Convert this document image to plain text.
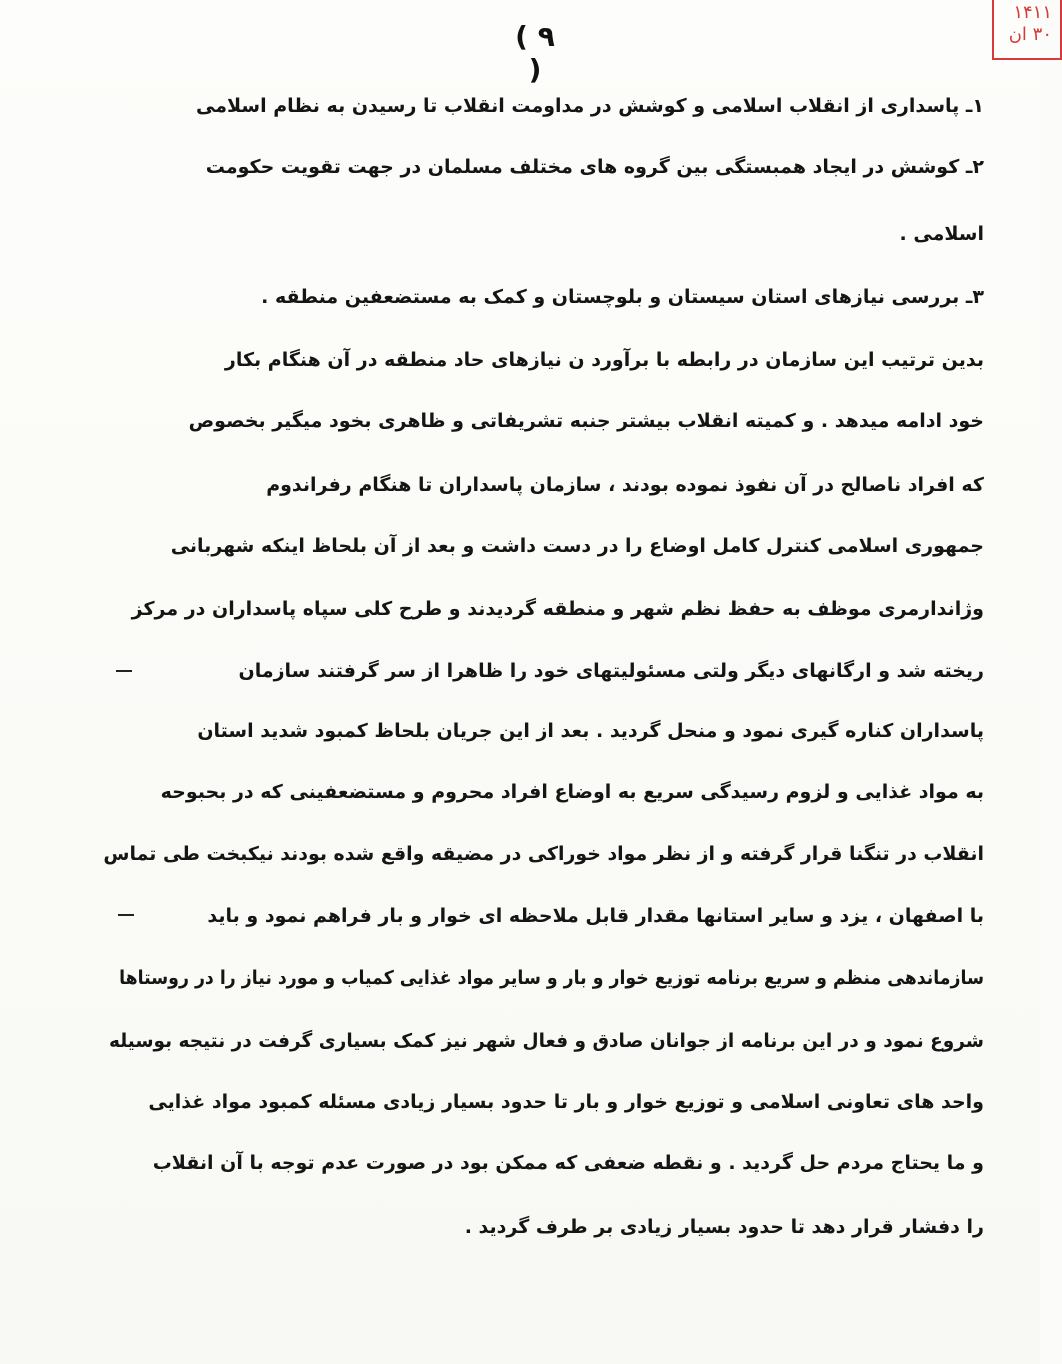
۱۴۱۱
۳۰ ان
( ۹ )
۱ـ پاسداری از انقلاب اسلامی و کوشش در مداومت انقلاب تا رسیدن به نظام اسلامی
۲ـ کوشش در ایجاد همبستگی بین گروه های مختلف مسلمان در جهت تقویت حکومت
اسلامی .
۳ـ بررسی نیازهای استان سیستان و بلوچستان و کمک به مستضعفین منطقه .
بدین ترتیب این سازمان در رابطه با برآورد ن نیازهای حاد منطقه در آن هنگام بکار
خود ادامه میدهد . و کمیته انقلاب بیشتر جنبه تشریفاتی و ظاهری بخود میگیر بخصوص
که افراد ناصالح در آن نفوذ نموده بودند ، سازمان پاسداران تا هنگام رفراندوم
جمهوری اسلامی کنترل کامل اوضاع را در دست داشت و بعد از آن بلحاظ اینکه شهربانی
وژاندارمری موظف به حفظ نظم شهر و منطقه گردیدند و طرح کلی سپاه پاسداران در مرکز
ریخته شد و ارگانهای دیگر ولتی مسئولیتهای خود را ظاهرا از سر گرفتند سازمان
پاسداران کناره گیری نمود و منحل گردید . بعد از این جریان بلحاظ کمبود شدید استان
به مواد غذایی و لزوم رسیدگی سریع به اوضاع افراد محروم و مستضعفینی که در بحبوحه
انقلاب در تنگنا قرار گرفته و از نظر مواد خوراکی در مضیقه واقع شده بودند نیکبخت طی تماس
با اصفهان ، یزد و سایر استانها مقدار قابل ملاحظه ای خوار و بار فراهم نمود و باید
سازماندهی منظم و سریع برنامه توزیع خوار و بار و سایر مواد غذایی کمیاب و مورد نیاز را در روستاها
شروع نمود و در این برنامه از جوانان صادق و فعال شهر نیز کمک بسیاری گرفت در نتیجه بوسیله
واحد های تعاونی اسلامی و توزیع خوار و بار تا حدود بسیار زیادی مسئله کمبود مواد غذایی
و ما یحتاج مردم حل گردید . و نقطه ضعفی که ممکن بود در صورت عدم توجه با آن انقلاب
را دفشار قرار دهد تا حدود بسیار زیادی بر طرف گردید .
